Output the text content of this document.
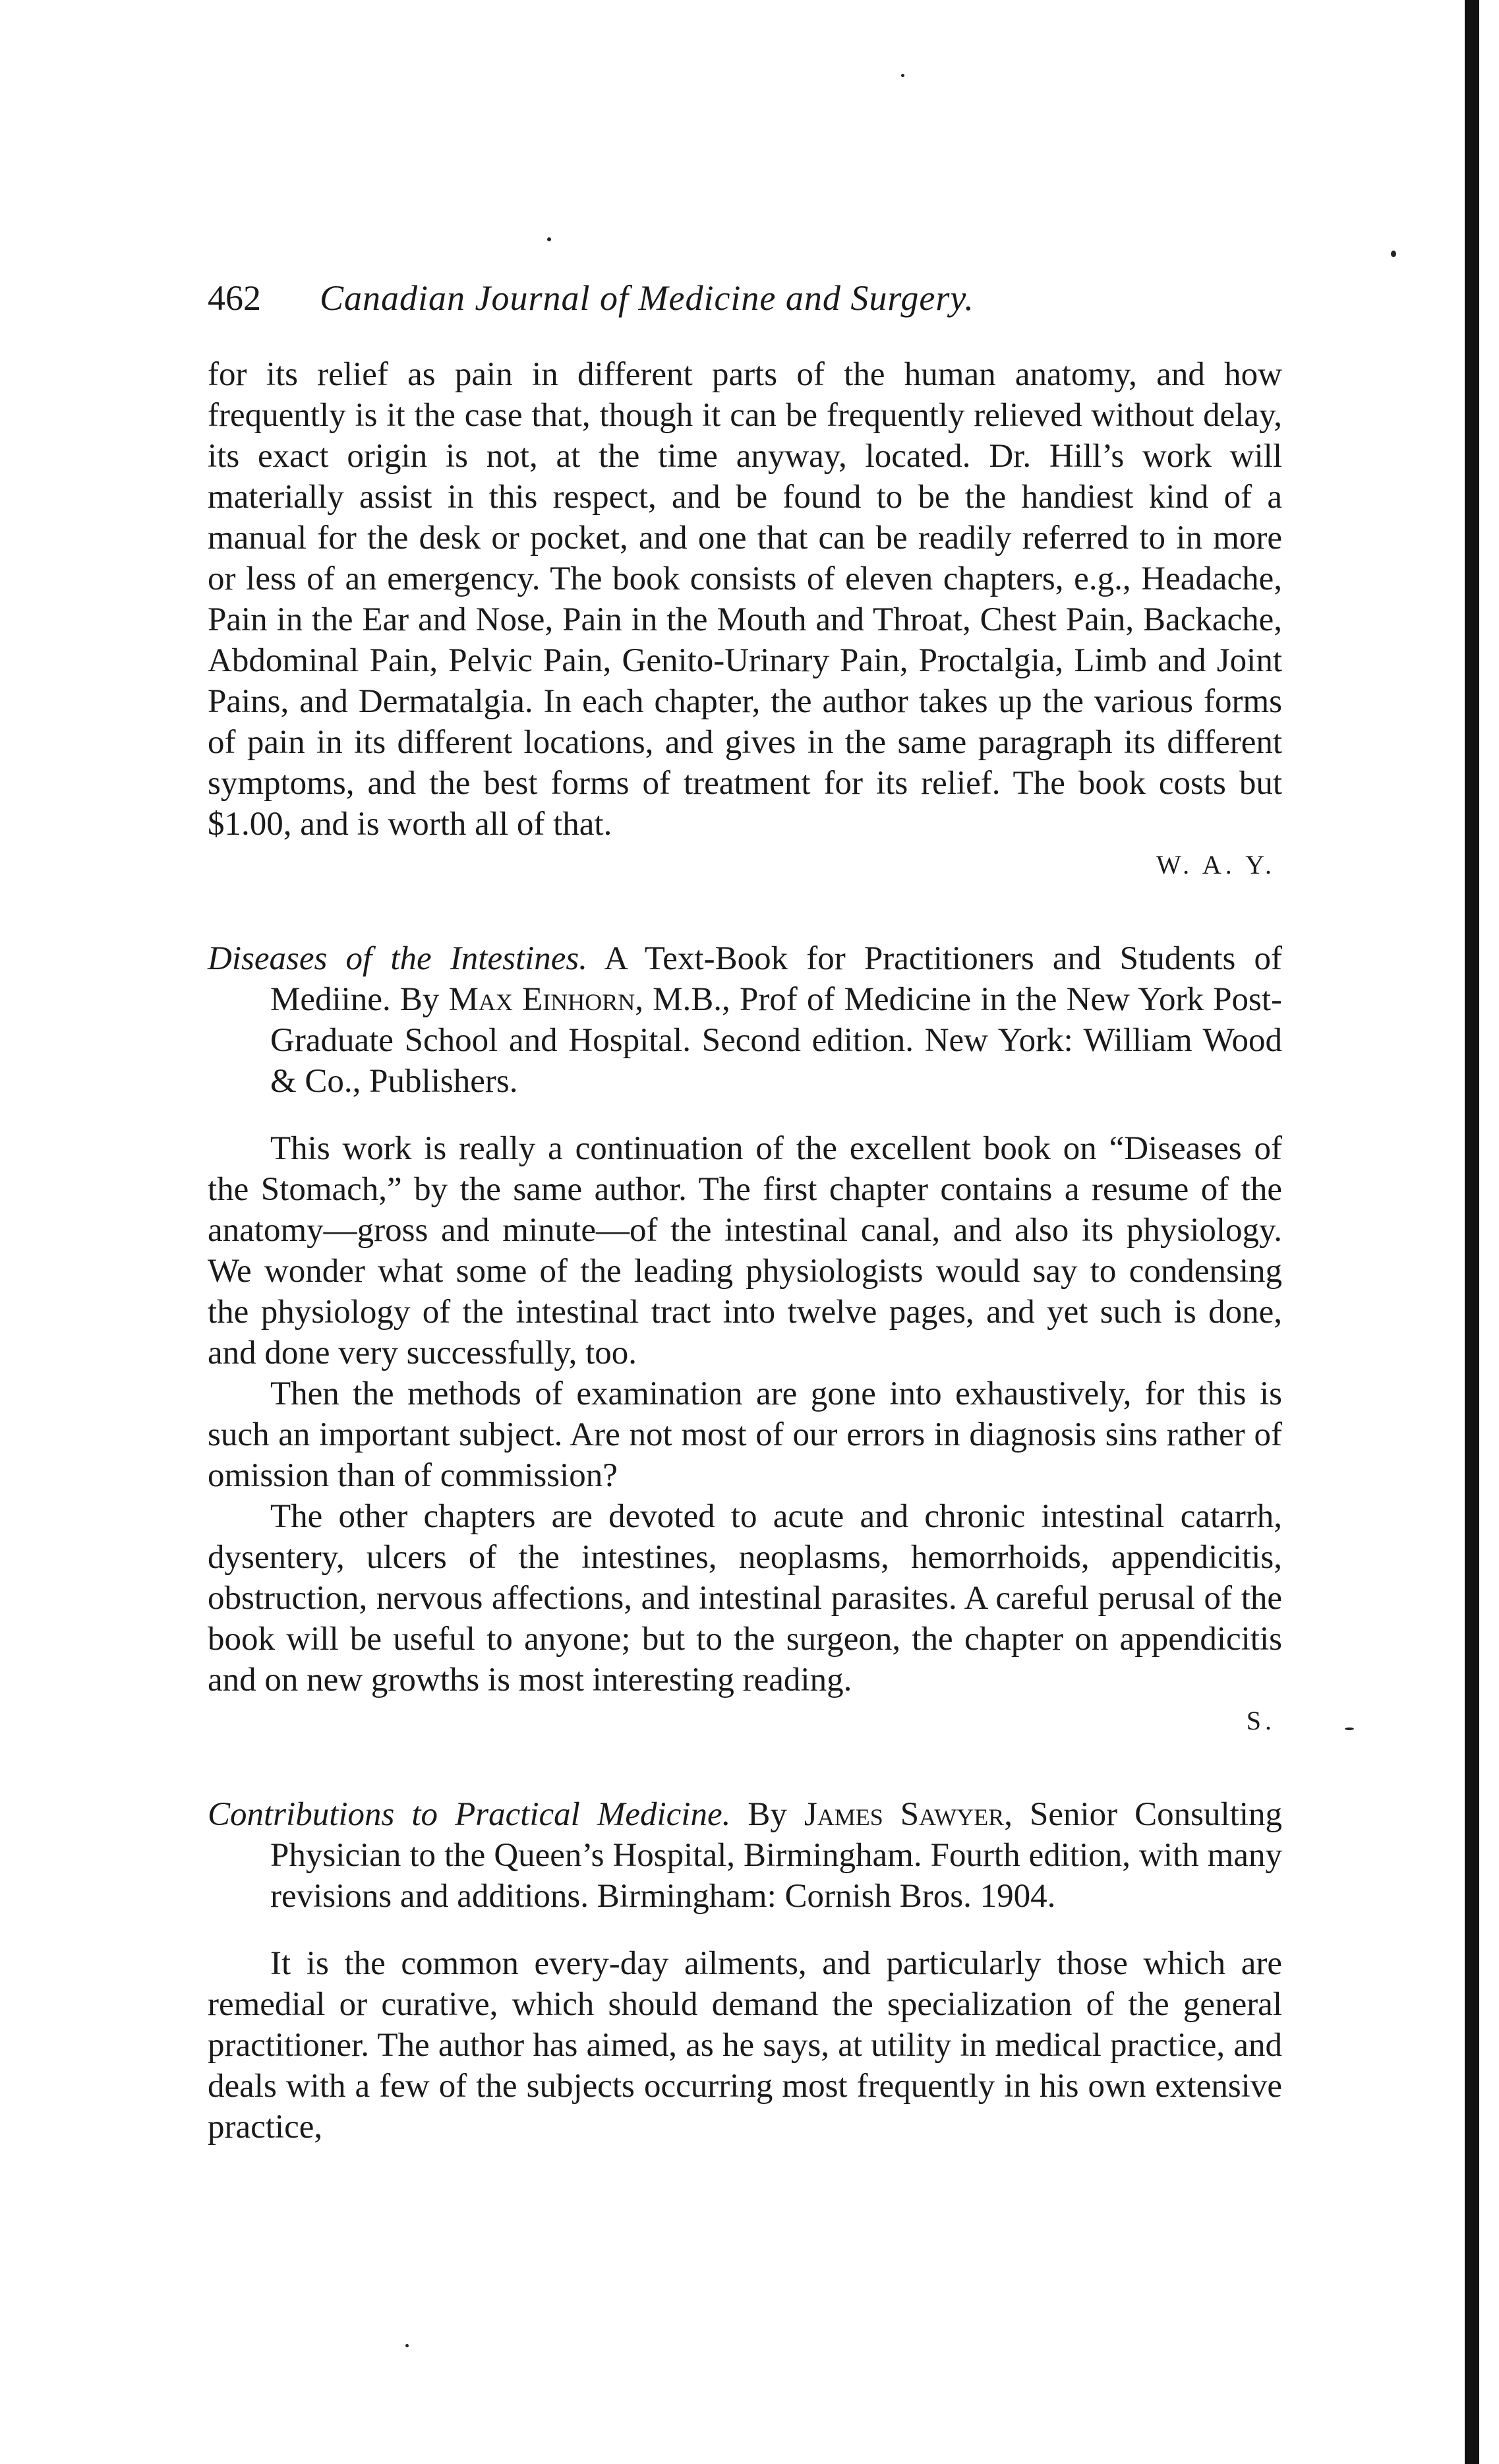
462	Canadian Journal of Medicine and Surgery.

for its relief as pain in different parts of the human anatomy, and how frequently is it the case that, though it can be frequently relieved without delay, its exact origin is not, at the time anyway, located. Dr. Hill’s work will materially assist in this respect, and be found to be the handiest kind of a manual for the desk or pocket, and one that can be readily referred to in more or less of an emergency. The book consists of eleven chapters, e.g., Headache, Pain in the Ear and Nose, Pain in the Mouth and Throat, Chest Pain, Backache, Abdominal Pain, Pelvic Pain, Genito-Urinary Pain, Proctalgia, Limb and Joint Pains, and Dermatalgia. In each chapter, the author takes up the various forms of pain in its different locations, and gives in the same paragraph its different symptoms, and the best forms of treatment for its relief. The book costs but $1.00, and is worth all of that.

W. A. Y.
Diseases of the Intestines. A Text-Book for Practitioners and Students of Mediine. By Max Einhorn, M.B., Prof of Medicine in the New York Post-Graduate School and Hospital. Second edition. New York: William Wood & Co., Publishers.

This work is really a continuation of the excellent book on “Diseases of the Stomach,” by the same author. The first chapter contains a resume of the anatomy—gross and minute—of the intestinal canal, and also its physiology. We wonder what some of the leading physiologists would say to condensing the physiology of the intestinal tract into twelve pages, and yet such is done, and done very successfully, too.

Then the methods of examination are gone into exhaustively, for this is such an important subject. Are not most of our errors in diagnosis sins rather of omission than of commission?

The other chapters are devoted to acute and chronic intestinal catarrh, dysentery, ulcers of the intestines, neoplasms, hemorrhoids, appendicitis, obstruction, nervous affections, and intestinal parasites. A careful perusal of the book will be useful to anyone; but to the surgeon, the chapter on appendicitis and on new growths is most interesting reading.

S.
Contributions to Practical Medicine. By James Sawyer, Senior Consulting Physician to the Queen’s Hospital, Birmingham. Fourth edition, with many revisions and additions. Birmingham: Cornish Bros. 1904.

It is the common every-day ailments, and particularly those which are remedial or curative, which should demand the specialization of the general practitioner. The author has aimed, as he says, at utility in medical practice, and deals with a few of the subjects occurring most frequently in his own extensive practice,
